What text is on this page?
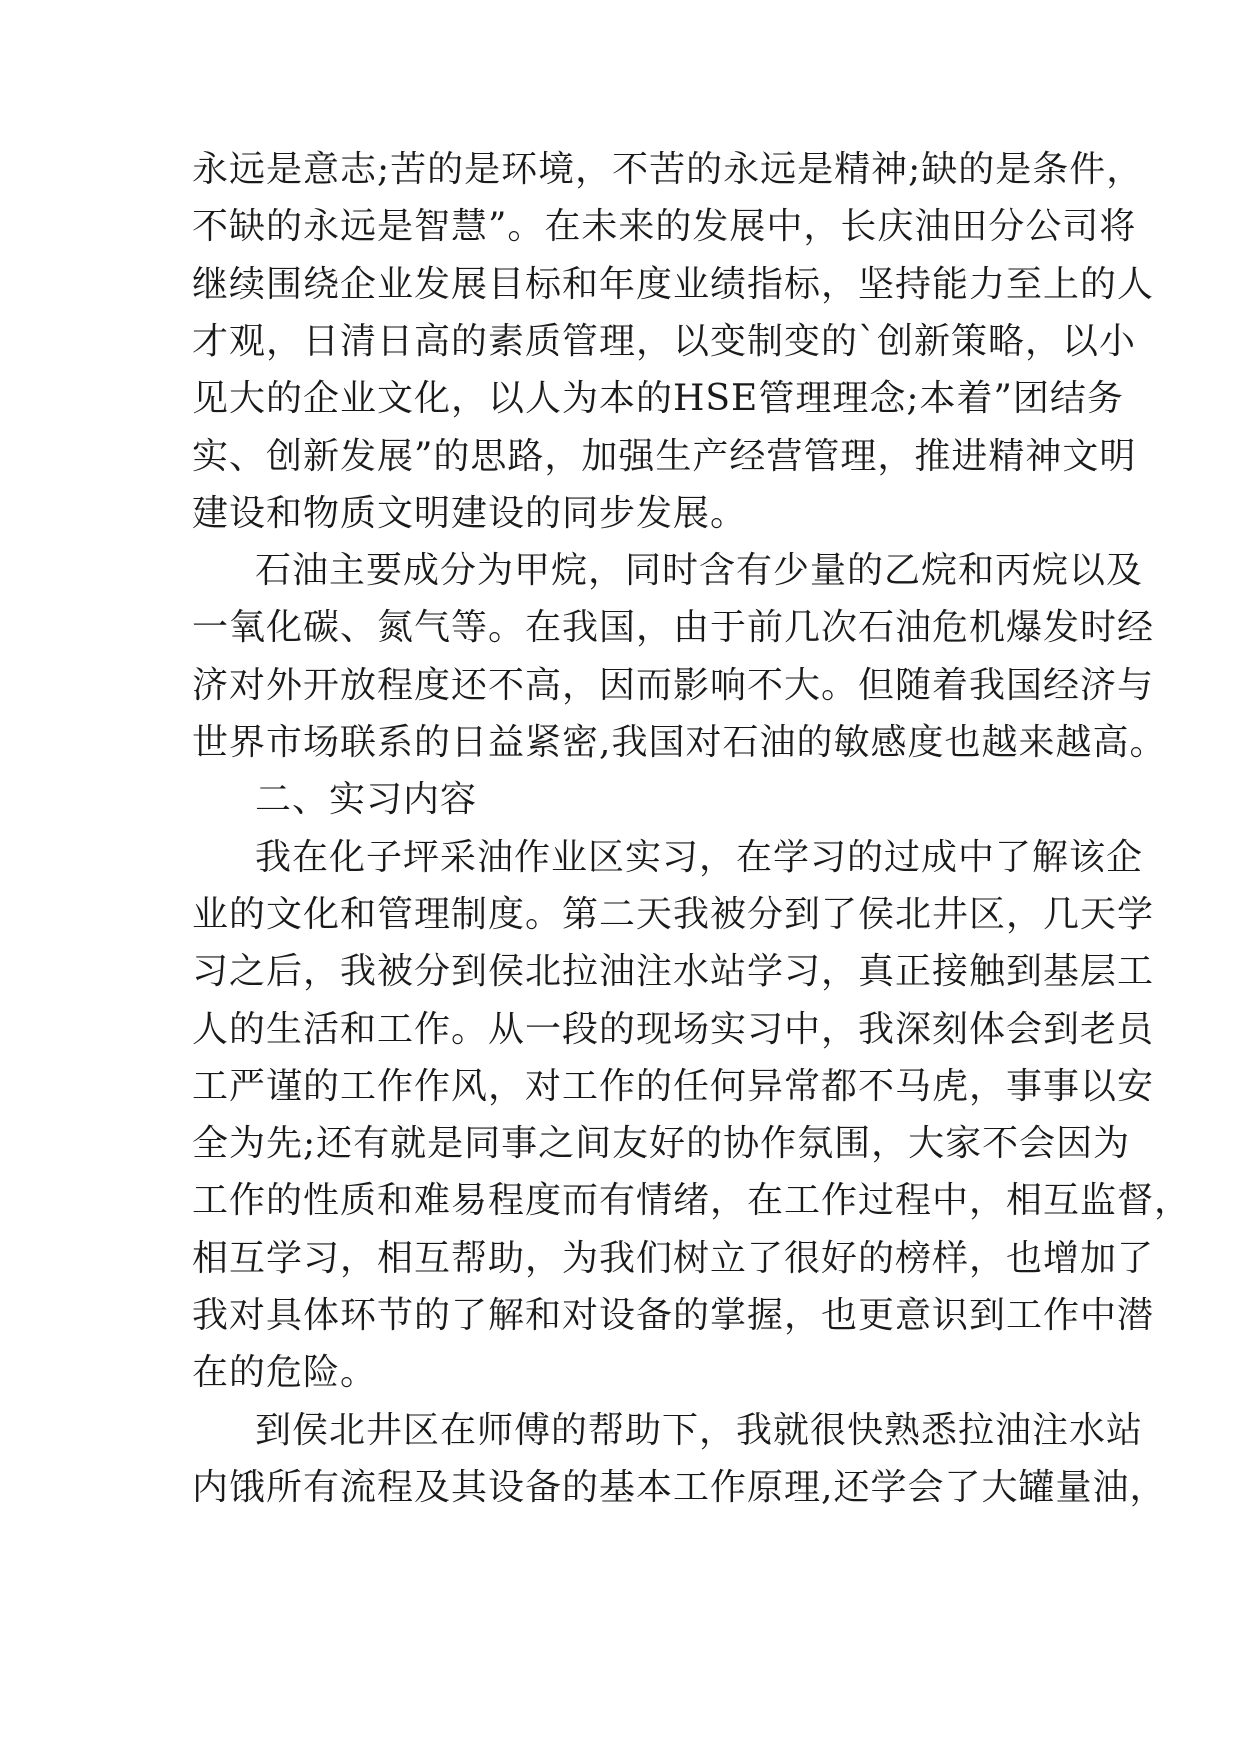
永远是意志;苦的是环境，不苦的永远是精神;缺的是条件，
不缺的永远是智慧”。在未来的发展中，长庆油田分公司将
继续围绕企业发展目标和年度业绩指标，坚持能力至上的人
才观，日清日高的素质管理，以变制变的`创新策略，以小
见大的企业文化，以人为本的HSE管理理念;本着”团结务
实、创新发展”的思路，加强生产经营管理，推进精神文明
建设和物质文明建设的同步发展。
石油主要成分为甲烷，同时含有少量的乙烷和丙烷以及
一氧化碳、氮气等。在我国，由于前几次石油危机爆发时经
济对外开放程度还不高，因而影响不大。但随着我国经济与
世界市场联系的日益紧密,我国对石油的敏感度也越来越高。
二、实习内容
我在化子坪采油作业区实习，在学习的过成中了解该企
业的文化和管理制度。第二天我被分到了侯北井区，几天学
习之后，我被分到侯北拉油注水站学习，真正接触到基层工
人的生活和工作。从一段的现场实习中，我深刻体会到老员
工严谨的工作作风，对工作的任何异常都不马虎，事事以安
全为先;还有就是同事之间友好的协作氛围，大家不会因为
工作的性质和难易程度而有情绪，在工作过程中，相互监督，
相互学习，相互帮助，为我们树立了很好的榜样，也增加了
我对具体环节的了解和对设备的掌握，也更意识到工作中潜
在的危险。
到侯北井区在师傅的帮助下，我就很快熟悉拉油注水站
内饿所有流程及其设备的基本工作原理,还学会了大罐量油，
